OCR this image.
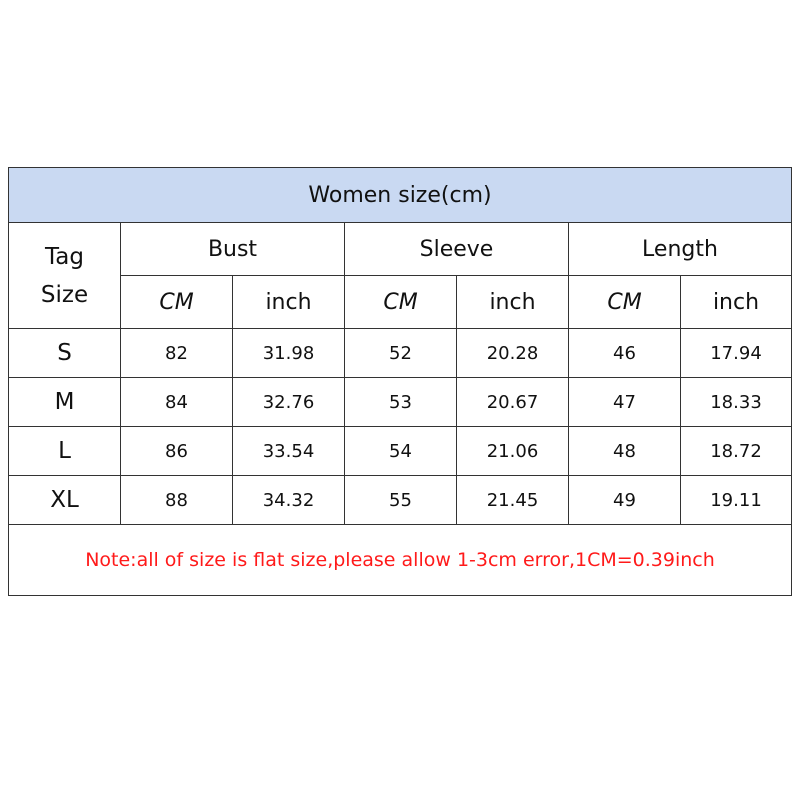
Women size(cm)						
Tag
Size	Bust		Sleeve		Length	
	CM	inch	CM	inch	CM	inch
S	82	31.98	52	20.28	46	17.94
M	84	32.76	53	20.67	47	18.33
L	86	33.54	54	21.06	48	18.72
XL	88	34.32	55	21.45	49	19.11
Note:all of size is flat size,please allow 1-3cm error,1CM=0.39inch						
